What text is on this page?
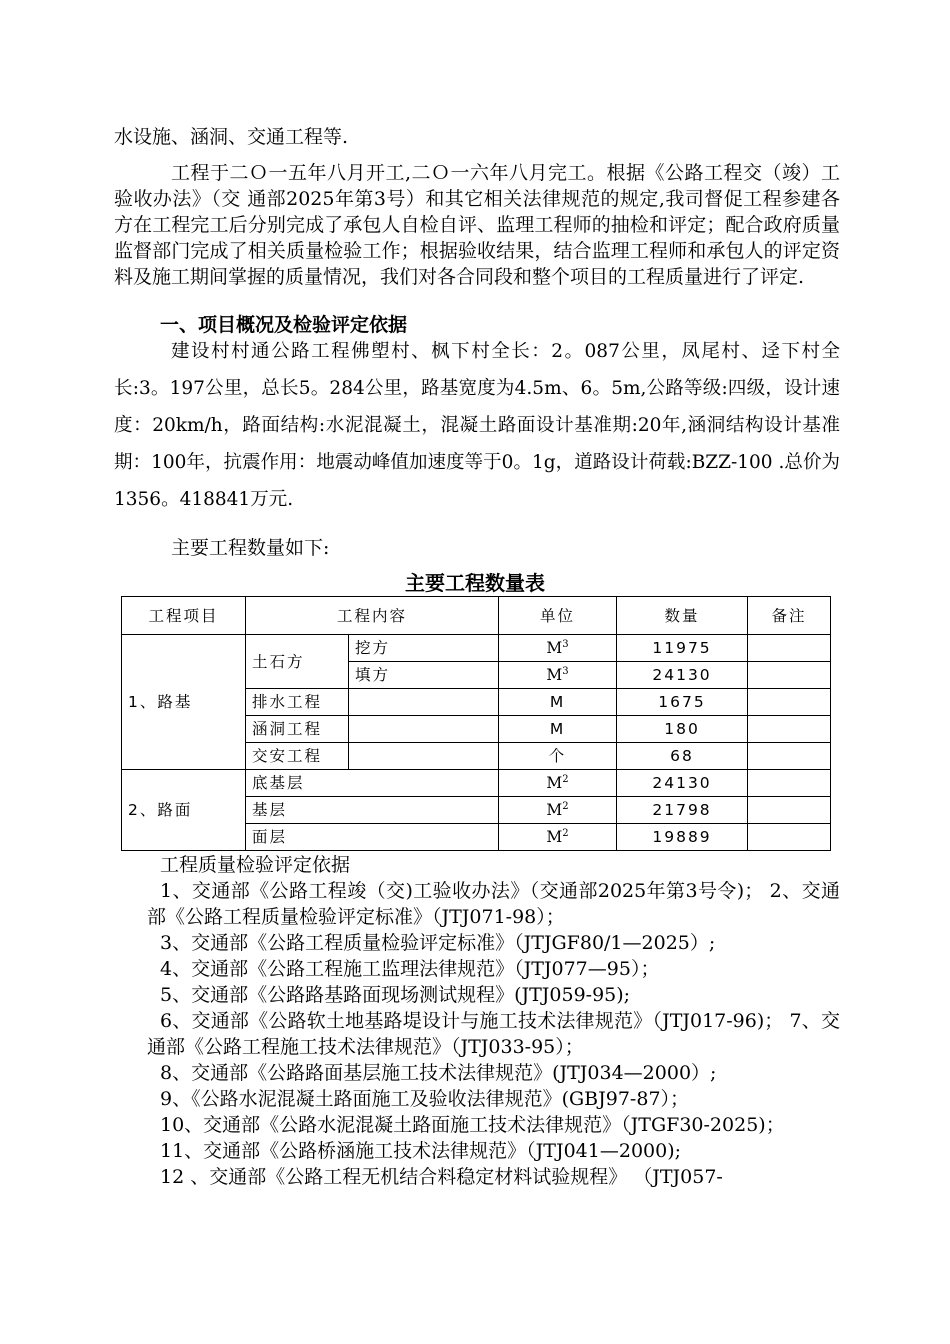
水设施、涵洞、交通工程等.

工程于二Ｏ一五年八月开工,二Ｏ一六年八月完工。根据《公路工程交（竣）工验收办法》（交 通部2025年第3号）和其它相关法律规范的规定,我司督促工程参建各方在工程完工后分别完成了承包人自检自评、监理工程师的抽检和评定；配合政府质量监督部门完成了相关质量检验工作；根据验收结果，结合监理工程师和承包人的评定资料及施工期间掌握的质量情况，我们对各合同段和整个项目的工程质量进行了评定.

一、项目概况及检验评定依据

建设村村通公路工程佛塱村、枫下村全长：2。087公里，凤尾村、迳下村全长:3。197公里，总长5。284公里，路基宽度为4.5m、6。5m,公路等级:四级，设计速度：20km/h，路面结构:水泥混凝土，混凝土路面设计基准期:20年,涵洞结构设计基准期：100年，抗震作用：地震动峰值加速度等于0。1g，道路设计荷载:BZZ-100 .总价为1356。418841万元.

主要工程数量如下:

主要工程数量表
工程项目	工程内容		单位	数量	备注
1、路基	土石方	挖方	$M^3$	11975	
		填方	$M^3$	24130	
	排水工程		M	1675	
	涵洞工程		M	180	
	交安工程		个	68	
2、路面	底基层		$M^2$	24130	
	基层		$M^2$	21798	
	面层		$M^2$	19889	

工程质量检验评定依据

1、交通部《公路工程竣（交)工验收办法》（交通部2025年第3号令)； 2、交通部《公路工程质量检验评定标准》（JTJ071-98）；
3、交通部《公路工程质量检验评定标准》（JTJGF80/1—2025）;
4、交通部《公路工程施工监理法律规范》（JTJ077—95）；
5、交通部《公路路基路面现场测试规程》(JTJ059-95);
6、交通部《公路软土地基路堤设计与施工技术法律规范》（JTJ017-96)； 7、交通部《公路工程施工技术法律规范》（JTJ033-95）；
8、交通部《公路路面基层施工技术法律规范》(JTJ034—2000）;
9、《公路水泥混凝土路面施工及验收法律规范》(GBJ97-87）；
10、交通部《公路水泥混凝土路面施工技术法律规范》（JTGF30-2025)；
11、交通部《公路桥涵施工技术法律规范》（JTJ041—2000);
12 、交通部《公路工程无机结合料稳定材料试验规程》 （JTJ057-
